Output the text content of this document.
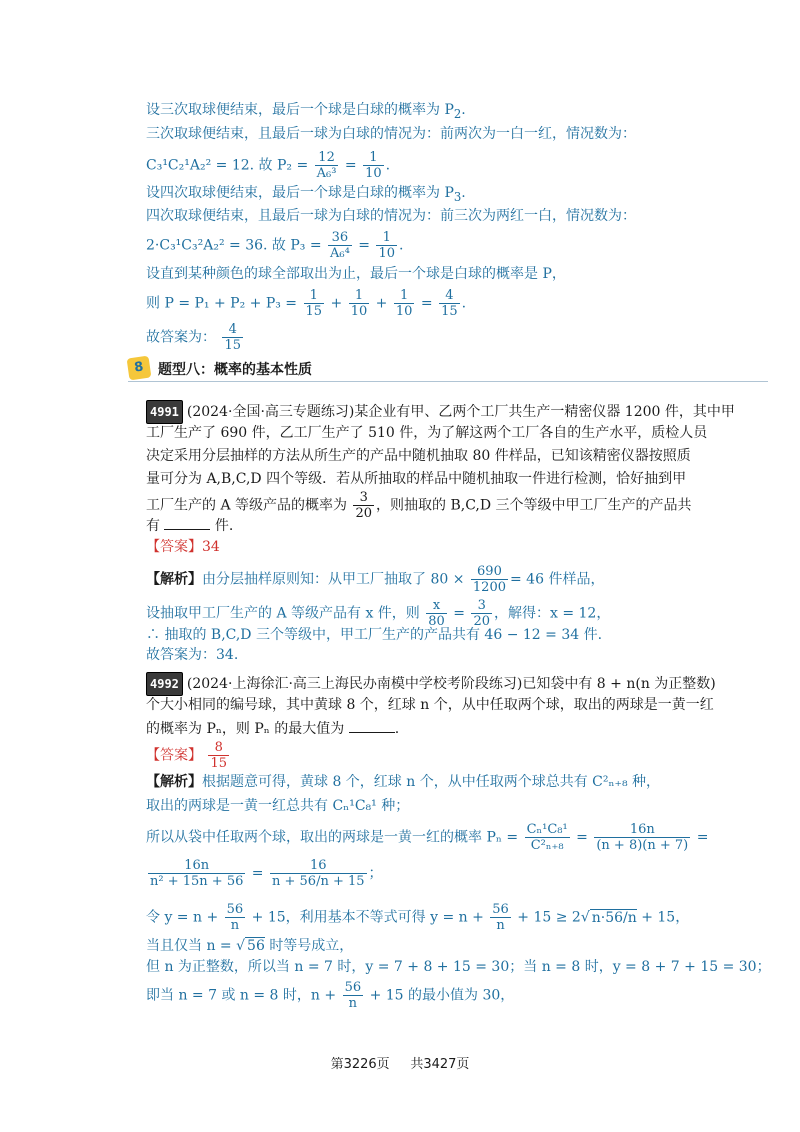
设三次取球便结束，最后一个球是白球的概率为 $P_2$.
三次取球便结束，且最后一球为白球的情况为：前两次为一白一红，情况数为：
C₃¹C₂¹A₂² = 12. 故 $P_2 = \frac{12}{\text{A₆³}} = \frac{1}{10}$ .
设四次取球便结束，最后一个球是白球的概率为 $P_3$.
四次取球便结束，且最后一球为白球的情况为：前三次为两红一白，情况数为：
2·C₃¹C₃²A₂² = 36. 故 $P_3 = \frac{36}{\text{A₆⁴}} = \frac{1}{10}$ .
设直到某种颜色的球全部取出为止，最后一个球是白球的概率是 P，
则 $P = P_1 + P_2 + P_3 = \frac{1}{15} + \frac{1}{10} + \frac{1}{10} = \frac{4}{15}$ .
故答案为： $\frac{4}{15}$
8 题型八：概率的基本性质
4991 (2024·全国·高三专题练习)某企业有甲、乙两个工厂共生产一精密仪器 1200 件，其中甲
工厂生产了 690 件，乙工厂生产了 510 件，为了解这两个工厂各自的生产水平，质检人员
决定采用分层抽样的方法从所生产的产品中随机抽取 80 件样品，已知该精密仪器按照质
量可分为 A,B,C,D 四个等级．若从所抽取的样品中随机抽取一件进行检测，恰好抽到甲
工厂生产的 A 等级产品的概率为 $\frac{3}{20}$ ，则抽取的 B,C,D 三个等级中甲工厂生产的产品共
有	件.
【答案】34
【解析】由分层抽样原则知：从甲工厂抽取了 $80 \times \frac{690}{1200} = 46$ 件样品，
设抽取甲工厂生产的 A 等级产品有 x 件，则 $\frac{x}{80} = \frac{3}{20}$ ，解得：x = 12，
∴ 抽取的 B,C,D 三个等级中，甲工厂生产的产品共有 46 − 12 = 34 件.
故答案为：34.
4992 (2024·上海徐汇·高三上海民办南模中学校考阶段练习)已知袋中有 8 + n(n 为正整数)
个大小相同的编号球，其中黄球 8 个，红球 n 个，从中任取两个球，取出的两球是一黄一红
的概率为 Pₙ，则 Pₙ 的最大值为	.
【答案】 $\frac{8}{15}$
【解析】根据题意可得，黄球 8 个，红球 n 个，从中任取两个球总共有 C²ₙ₊₈ 种，
取出的两球是一黄一红总共有 Cₙ¹C₈¹ 种；
所以从袋中任取两个球，取出的两球是一黄一红的概率 $P_n = \frac{\text{Cₙ¹C₈¹}}{\text{C²ₙ₊₈}} = \frac{16n}{(n + 8)(n + 7)}$ =
$\frac{16n}{\text{n² + 15n + 56}} = \frac{16}{n + 56/n + 15}$ ；
令 $y = n + \frac{56}{n} + 15$，利用基本不等式可得 $y = n + \frac{56}{n} + 15 \ge 2√$ n·56/n + 15，
当且仅当 n = √ 56 时等号成立，
但 n 为正整数，所以当 n = 7 时，y = 7 + 8 + 15 = 30；当 n = 8 时，y = 8 + 7 + 15 = 30；
即当 n = 7 或 n = 8 时，$n + \frac{56}{n} + 15$ 的最小值为 30，
第3226页 共3427页
